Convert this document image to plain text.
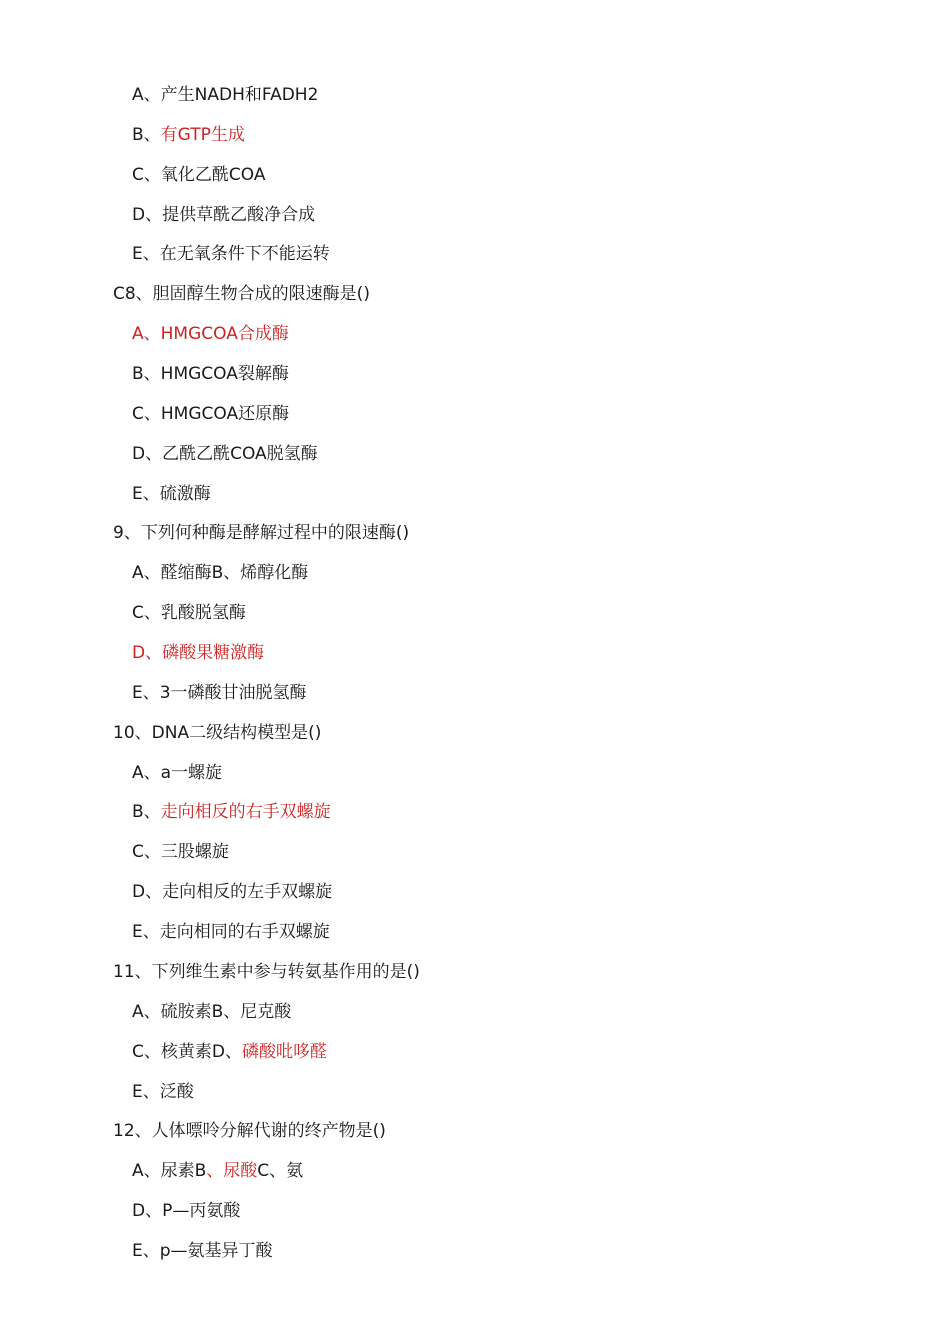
A、产生NADH和FADH2
B、有GTP生成
C、氧化乙酰COA
D、提供草酰乙酸净合成
E、在无氧条件下不能运转
C8、胆固醇生物合成的限速酶是()
A、HMGCOA合成酶
B、HMGCOA裂解酶
C、HMGCOA还原酶
D、乙酰乙酰COA脱氢酶
E、硫激酶
9、下列何种酶是酵解过程中的限速酶()
A、醛缩酶B、烯醇化酶
C、乳酸脱氢酶
D、磷酸果糖激酶
E、3一磷酸甘油脱氢酶
10、DNA二级结构模型是()
A、a一螺旋
B、走向相反的右手双螺旋
C、三股螺旋
D、走向相反的左手双螺旋
E、走向相同的右手双螺旋
11、下列维生素中参与转氨基作用的是()
A、硫胺素B、尼克酸
C、核黄素D、磷酸吡哆醛
E、泛酸
12、人体嘌呤分解代谢的终产物是()
A、尿素B、尿酸C、氨
D、P—丙氨酸
E、p—氨基异丁酸
